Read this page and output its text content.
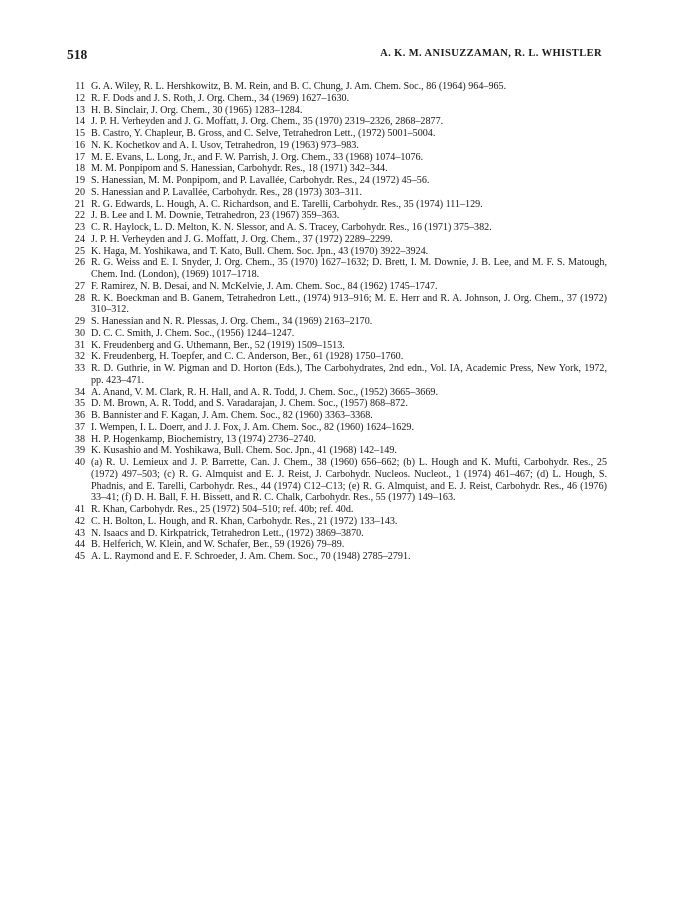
518	A. K. M. ANISUZZAMAN, R. L. WHISTLER
11 G. A. Wiley, R. L. Hershkowitz, B. M. Rein, and B. C. Chung, J. Am. Chem. Soc., 86 (1964) 964–965.
12 R. F. Dods and J. S. Roth, J. Org. Chem., 34 (1969) 1627–1630.
13 H. B. Sinclair, J. Org. Chem., 30 (1965) 1283–1284.
14 J. P. H. Verheyden and J. G. Moffatt, J. Org. Chem., 35 (1970) 2319–2326, 2868–2877.
15 B. Castro, Y. Chapleur, B. Gross, and C. Selve, Tetrahedron Lett., (1972) 5001–5004.
16 N. K. Kochetkov and A. I. Usov, Tetrahedron, 19 (1963) 973–983.
17 M. E. Evans, L. Long, Jr., and F. W. Parrish, J. Org. Chem., 33 (1968) 1074–1076.
18 M. M. Ponpipom and S. Hanessian, Carbohydr. Res., 18 (1971) 342–344.
19 S. Hanessian, M. M. Ponpipom, and P. Lavallée, Carbohydr. Res., 24 (1972) 45–56.
20 S. Hanessian and P. Lavallée, Carbohydr. Res., 28 (1973) 303–311.
21 R. G. Edwards, L. Hough, A. C. Richardson, and E. Tarelli, Carbohydr. Res., 35 (1974) 111–129.
22 J. B. Lee and I. M. Downie, Tetrahedron, 23 (1967) 359–363.
23 C. R. Haylock, L. D. Melton, K. N. Slessor, and A. S. Tracey, Carbohydr. Res., 16 (1971) 375–382.
24 J. P. H. Verheyden and J. G. Moffatt, J. Org. Chem., 37 (1972) 2289–2299.
25 K. Haga, M. Yoshikawa, and T. Kato, Bull. Chem. Soc. Jpn., 43 (1970) 3922–3924.
26 R. G. Weiss and E. I. Snyder, J. Org. Chem., 35 (1970) 1627–1632; D. Brett, I. M. Downie, J. B. Lee, and M. F. S. Matough, Chem. Ind. (London), (1969) 1017–1718.
27 F. Ramirez, N. B. Desai, and N. McKelvie, J. Am. Chem. Soc., 84 (1962) 1745–1747.
28 R. K. Boeckman and B. Ganem, Tetrahedron Lett., (1974) 913–916; M. E. Herr and R. A. Johnson, J. Org. Chem., 37 (1972) 310–312.
29 S. Hanessian and N. R. Plessas, J. Org. Chem., 34 (1969) 2163–2170.
30 D. C. C. Smith, J. Chem. Soc., (1956) 1244–1247.
31 K. Freudenberg and G. Uthemann, Ber., 52 (1919) 1509–1513.
32 K. Freudenberg, H. Toepfer, and C. C. Anderson, Ber., 61 (1928) 1750–1760.
33 R. D. Guthrie, in W. Pigman and D. Horton (Eds.), The Carbohydrates, 2nd edn., Vol. IA, Academic Press, New York, 1972, pp. 423–471.
34 A. Anand, V. M. Clark, R. H. Hall, and A. R. Todd, J. Chem. Soc., (1952) 3665–3669.
35 D. M. Brown, A. R. Todd, and S. Varadarajan, J. Chem. Soc., (1957) 868–872.
36 B. Bannister and F. Kagan, J. Am. Chem. Soc., 82 (1960) 3363–3368.
37 I. Wempen, I. L. Doerr, and J. J. Fox, J. Am. Chem. Soc., 82 (1960) 1624–1629.
38 H. P. Hogenkamp, Biochemistry, 13 (1974) 2736–2740.
39 K. Kusashio and M. Yoshikawa, Bull. Chem. Soc. Jpn., 41 (1968) 142–149.
40 (a) R. U. Lemieux and J. P. Barrette, Can. J. Chem., 38 (1960) 656–662; (b) L. Hough and K. Mufti, Carbohydr. Res., 25 (1972) 497–503; (c) R. G. Almquist and E. J. Reist, J. Carbohydr. Nucleos. Nucleot., 1 (1974) 461–467; (d) L. Hough, S. Phadnis, and E. Tarelli, Carbohydr. Res., 44 (1974) C12–C13; (e) R. G. Almquist, and E. J. Reist, Carbohydr. Res., 46 (1976) 33–41; (f) D. H. Ball, F. H. Bissett, and R. C. Chalk, Carbohydr. Res., 55 (1977) 149–163.
41 R. Khan, Carbohydr. Res., 25 (1972) 504–510; ref. 40b; ref. 40d.
42 C. H. Bolton, L. Hough, and R. Khan, Carbohydr. Res., 21 (1972) 133–143.
43 N. Isaacs and D. Kirkpatrick, Tetrahedron Lett., (1972) 3869–3870.
44 B. Helferich, W. Klein, and W. Schafer, Ber., 59 (1926) 79–89.
45 A. L. Raymond and E. F. Schroeder, J. Am. Chem. Soc., 70 (1948) 2785–2791.
